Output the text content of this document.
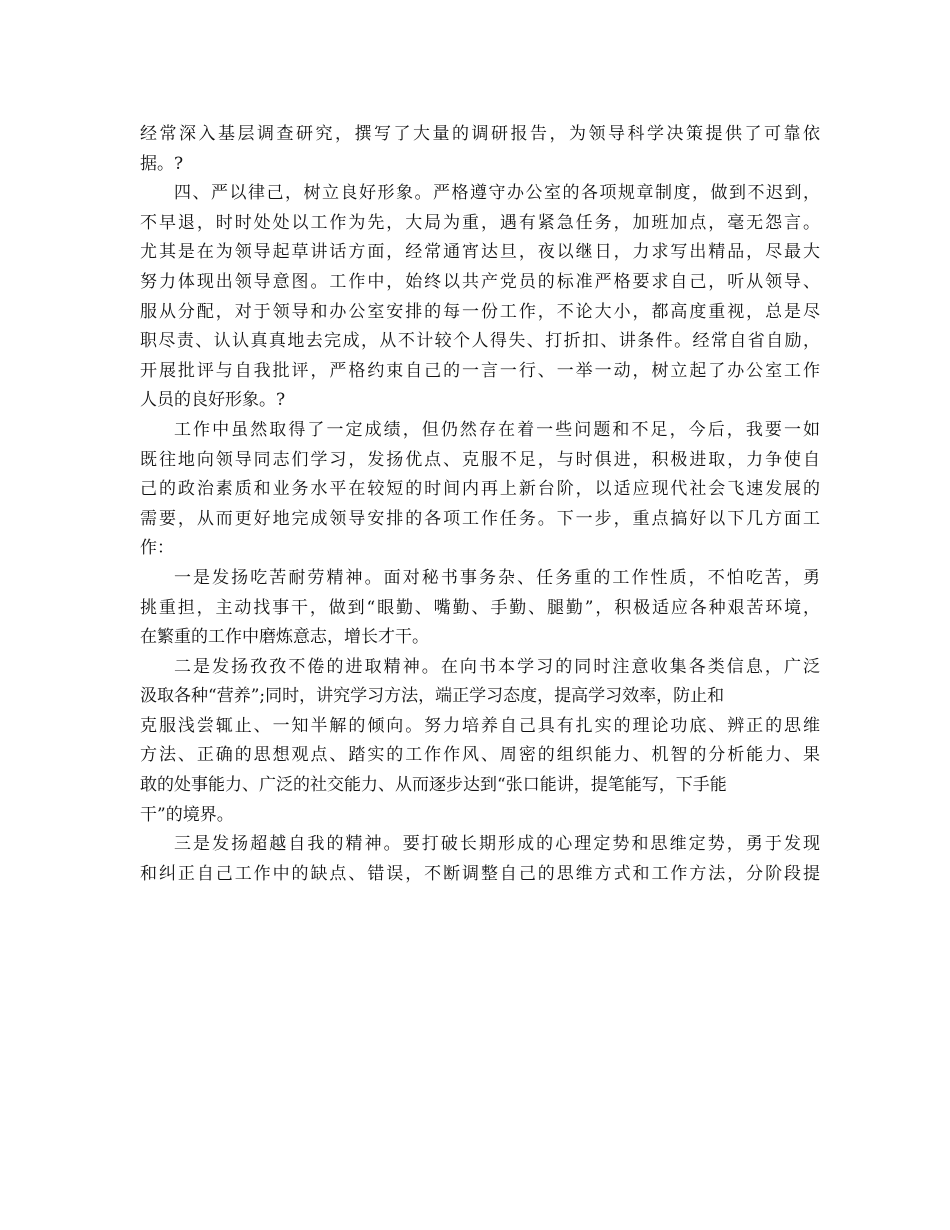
经常深入基层调查研究，撰写了大量的调研报告，为领导科学决策提供了可靠依
据。?
四、严以律己，树立良好形象。严格遵守办公室的各项规章制度，做到不迟到，
不早退，时时处处以工作为先，大局为重，遇有紧急任务，加班加点，毫无怨言。
尤其是在为领导起草讲话方面，经常通宵达旦，夜以继日，力求写出精品，尽最大
努力体现出领导意图。工作中，始终以共产党员的标准严格要求自己，听从领导、
服从分配，对于领导和办公室安排的每一份工作，不论大小，都高度重视，总是尽
职尽责、认认真真地去完成，从不计较个人得失、打折扣、讲条件。经常自省自励，
开展批评与自我批评，严格约束自己的一言一行、一举一动，树立起了办公室工作
人员的良好形象。?
工作中虽然取得了一定成绩，但仍然存在着一些问题和不足，今后，我要一如
既往地向领导同志们学习，发扬优点、克服不足，与时俱进，积极进取，力争使自
己的政治素质和业务水平在较短的时间内再上新台阶，以适应现代社会飞速发展的
需要，从而更好地完成领导安排的各项工作任务。下一步，重点搞好以下几方面工
作：
一是发扬吃苦耐劳精神。面对秘书事务杂、任务重的工作性质，不怕吃苦，勇
挑重担，主动找事干，做到“眼勤、嘴勤、手勤、腿勤”，积极适应各种艰苦环境，
在繁重的工作中磨炼意志，增长才干。
二是发扬孜孜不倦的进取精神。在向书本学习的同时注意收集各类信息，广泛
汲取各种“营养”;同时，讲究学习方法，端正学习态度，提高学习效率，防止和
克服浅尝辄止、一知半解的倾向。努力培养自己具有扎实的理论功底、辨正的思维
方法、正确的思想观点、踏实的工作作风、周密的组织能力、机智的分析能力、果
敢的处事能力、广泛的社交能力、从而逐步达到“张口能讲，提笔能写，下手能
干”的境界。
三是发扬超越自我的精神。要打破长期形成的心理定势和思维定势，勇于发现
和纠正自己工作中的缺点、错误，不断调整自己的思维方式和工作方法，分阶段提
